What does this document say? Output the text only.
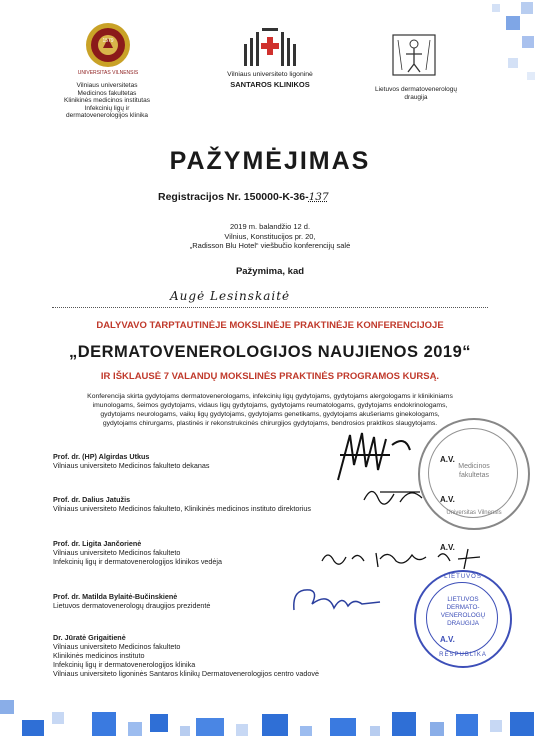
UNIVERSITAS VILNENSIS
1579
Vilniaus universitetas
Medicinos fakultetas
Klinikinės medicinos institutas
Infekcinių ligų ir
dermatovenerologijos klinika
Vilniaus universiteto ligoninė
SANTAROS KLINIKOS
Lietuvos dermatovenerologų
draugija
PAŽYMĖJIMAS
Registracijos Nr. 150000-K-36-137
2019 m. balandžio 12 d.
Vilnius, Konstitucijos pr. 20,
„Radisson Blu Hotel“ viešbučio konferencijų salė
Pažymima, kad
Augė Lesinskaitė
DALYVAVO TARPTAUTINĖJE MOKSLINĖJE PRAKTINĖJE KONFERENCIJOJE
„DERMATOVENEROLOGIJOS NAUJIENOS 2019“
IR IŠKLAUSĖ 7 VALANDŲ MOKSLINĖS PRAKTINĖS PROGRAMOS KURSĄ.
Konferencija skirta gydytojams dermatovenerologams, infekcinių ligų gydytojams, gydytojams alergologams ir klinikiniams
imunologams, šeimos gydytojams, vidaus ligų gydytojams, gydytojams reumatologams, gydytojams endokrinologams,
gydytojams neurologams, vaikų ligų gydytojams, gydytojams genetikams, gydytojams akušeriams ginekologams,
gydytojams chirurgams, plastinės ir rekonstrukcinės chirurgijos gydytojams, bendrosios praktikos slaugytojams.
Prof. dr. (HP) Algirdas Utkus
Vilniaus universiteto Medicinos fakulteto dekanas
Prof. dr. Dalius Jatužis
Vilniaus universiteto Medicinos fakulteto, Klinikinės medicinos instituto direktorius
Prof. dr. Ligita Jančorienė
Vilniaus universiteto Medicinos fakulteto
Infekcinių ligų ir dermatovenerologijos klinikos vedėja
Prof. dr. Matilda Bylaitė-Bučinskienė
Lietuvos dermatovenerologų draugijos prezidentė
Dr. Jūratė Grigaitienė
Vilniaus universiteto Medicinos fakulteto
Klinikinės medicinos instituto
Infekcinių ligų ir dermatovenerologijos klinika
Vilniaus universiteto ligoninės Santaros klinikų Dermatovenerologijos centro vadovė
A.V.
A.V.
A.V.
A.V.
Medicinos
fakultetas
Universitas Vilnensis
LIETUVOS
LIETUVOS
DERMATO-
VENEROLOGŲ
DRAUGIJA
RESPUBLIKA
